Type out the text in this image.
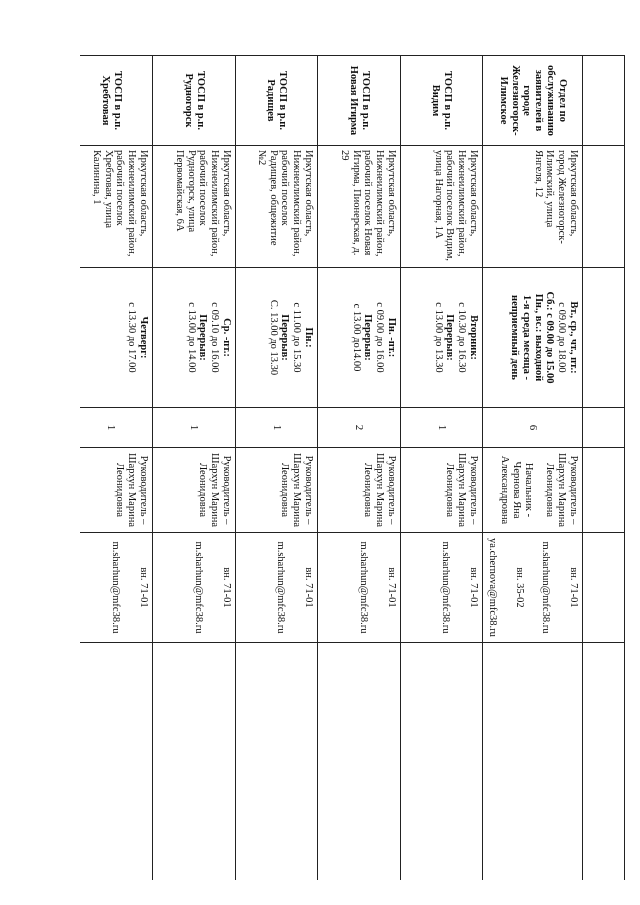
Отдел по обслуживанию заявителей в городе Железногорск-Илимское	Иркутская область, город Железногорск-Илимский, улица Янгеля, 12	Вт., ср., чт., пт.:
с 09.00 до 18.00
Сб.: с 09.00 до 15.00
Пн., вс.: выходной
1-я среда месяца - неприемный день	6	Руководитель – Шархун Марина Леонидовна
Начальник - Чернова Яна Александровна	вн. 71-01
m.sharhun@mfc38.ru
вн. 35-02
ya.chernova@mfc38.ru	

ТОСП в р.п. Видим	Иркутская область, Нижнеилимский район, рабочий поселок Видим, улица Нагорная, 1А	Вторник:
с 10.30 до 16.30
Перерыв:
с 13.00 до 13.30	1	Руководитель – Шархун Марина Леонидовна	вн. 71-01
m.sharhun@mfc38.ru	

ТОСП в р.п. Новая Игирма	Иркутская область, Нижнеилимский район, рабочий поселок Новая Игирма, Пионерская, д. 29	Пн. -пт.:
с 09.00 до 16.00
Перерыв:
с 13.00 до14.00	2	Руководитель – Шархун Марина Леонидовна	вн. 71-01
m.sharhun@mfc38.ru	

ТОСП в р.п. Радищев	Иркутская область, Нижнеилимский район, рабочий поселок Радищев, общежитие №2	Пн.:
с 11.00 до 15.30
Перерыв:
С. 13.00 до 13.30	1	Руководитель – Шархун Марина Леонидовна	вн. 71-01
m.sharhun@mfc38.ru	

ТОСП в р.п. Рудногорск	Иркутская область, Нижнеилимский район, рабочий поселок Рудногорск, улица Первомайская, 6А	Ср. -пт.:
с 09.10 до 16.00
Перерыв:
с 13.00 до 14.00	1	Руководитель – Шархун Марина Леонидовна	вн. 71-01
m.sharhun@mfc38.ru	

ТОСП в р.п. Хребтовая	Иркутская область, Нижнеилимский район, рабочий поселок Хребтовая, улица Калинина, 1	Четверг:
с 13.30 до 17.00	1	Руководитель – Шархун Марина Леонидовна	вн. 71-01
m.sharhun@mfc38.ru	
